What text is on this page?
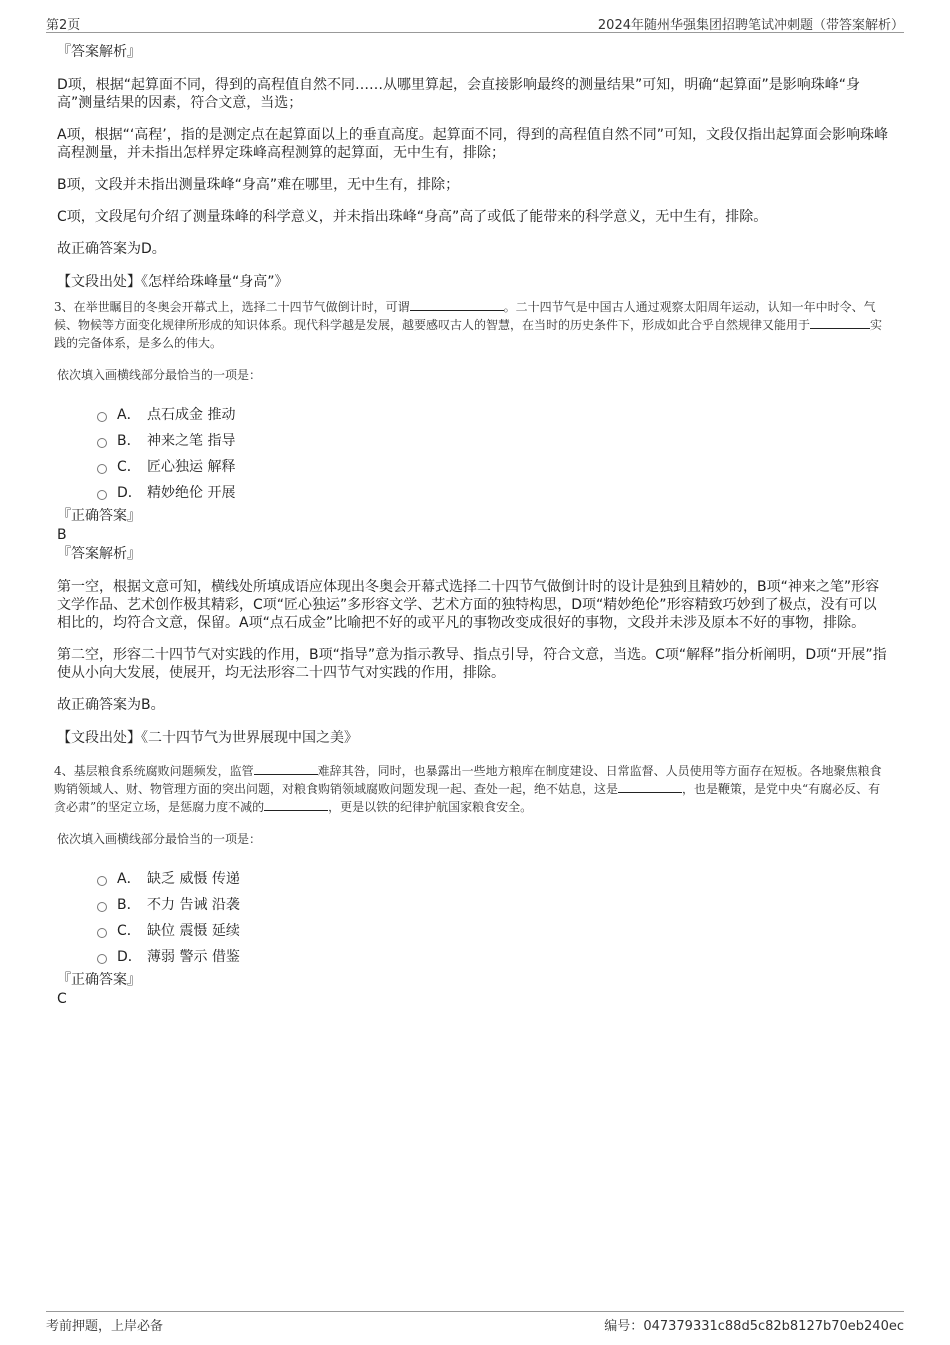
第2页	2024年随州华强集团招聘笔试冲刺题（带答案解析）
『答案解析』

D项，根据“起算面不同，得到的高程值自然不同……从哪里算起，会直接影响最终的测量结果”可知，明确“起算面”是影响珠峰“身高”测量结果的因素，符合文意，当选；

A项，根据“‘高程’，指的是测定点在起算面以上的垂直高度。起算面不同，得到的高程值自然不同”可知，文段仅指出起算面会影响珠峰高程测量，并未指出怎样界定珠峰高程测算的起算面，无中生有，排除；

B项，文段并未指出测量珠峰“身高”难在哪里，无中生有，排除；

C项，文段尾句介绍了测量珠峰的科学意义，并未指出珠峰“身高”高了或低了能带来的科学意义，无中生有，排除。

故正确答案为D。

【文段出处】《怎样给珠峰量“身高”》

3、在举世瞩目的冬奥会开幕式上，选择二十四节气做倒计时，可谓	。二十四节气是中国古人通过观察太阳周年运动，认知一年中时令、气候、物候等方面变化规律所形成的知识体系。现代科学越是发展，越要感叹古人的智慧，在当时的历史条件下，形成如此合乎自然规律又能用于	实践的完备体系，是多么的伟大。

依次填入画横线部分最恰当的一项是：

A． 点石成金 推动
B． 神来之笔 指导
C． 匠心独运 解释
D． 精妙绝伦 开展
『正确答案』
B
『答案解析』

第一空，根据文意可知，横线处所填成语应体现出冬奥会开幕式选择二十四节气做倒计时的设计是独到且精妙的，B项“神来之笔”形容文学作品、艺术创作极其精彩，C项“匠心独运”多形容文学、艺术方面的独特构思，D项“精妙绝伦”形容精致巧妙到了极点，没有可以相比的，均符合文意，保留。A项“点石成金”比喻把不好的或平凡的事物改变成很好的事物，文段并未涉及原本不好的事物，排除。

第二空，形容二十四节气对实践的作用，B项“指导”意为指示教导、指点引导，符合文意，当选。C项“解释”指分析阐明，D项“开展”指使从小向大发展，使展开，均无法形容二十四节气对实践的作用，排除。

故正确答案为B。

【文段出处】《二十四节气为世界展现中国之美》

4、基层粮食系统腐败问题频发，监管	难辞其咎，同时，也暴露出一些地方粮库在制度建设、日常监督、人员使用等方面存在短板。各地聚焦粮食购销领域人、财、物管理方面的突出问题，对粮食购销领域腐败问题发现一起、查处一起，绝不姑息，这是	，也是鞭策，是党中央“有腐必反、有贪必肃”的坚定立场，是惩腐力度不减的	，更是以铁的纪律护航国家粮食安全。

依次填入画横线部分最恰当的一项是：

A． 缺乏 威慑 传递
B． 不力 告诫 沿袭
C． 缺位 震慑 延续
D． 薄弱 警示 借鉴
『正确答案』
C
考前押题，上岸必备	编号：047379331c88d5c82b8127b70eb240ec
